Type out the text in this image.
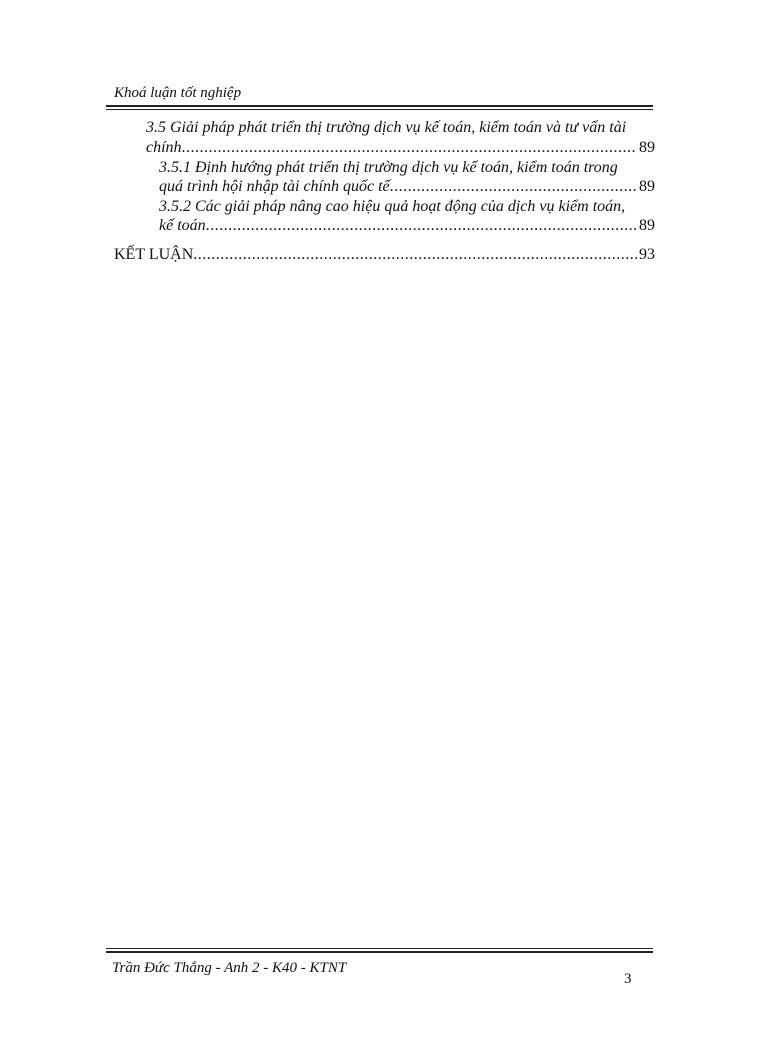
Khoá luận tốt nghiệp
3.5 Giải pháp phát triển thị trường dịch vụ kế toán, kiểm toán và tư vấn tài
chính .....	89
3.5.1 Định hướng phát triển thị trường dịch vụ kế toán, kiểm toán trong
quá trình hội nhập tài chính quốc tế .....	89
3.5.2 Các giải pháp nâng cao hiệu quả hoạt động của dịch vụ kiểm toán,
kế toán .....	89
KẾT LUẬN .....	93
Trần Đức Thắng - Anh 2 - K40 - KTNT
3
